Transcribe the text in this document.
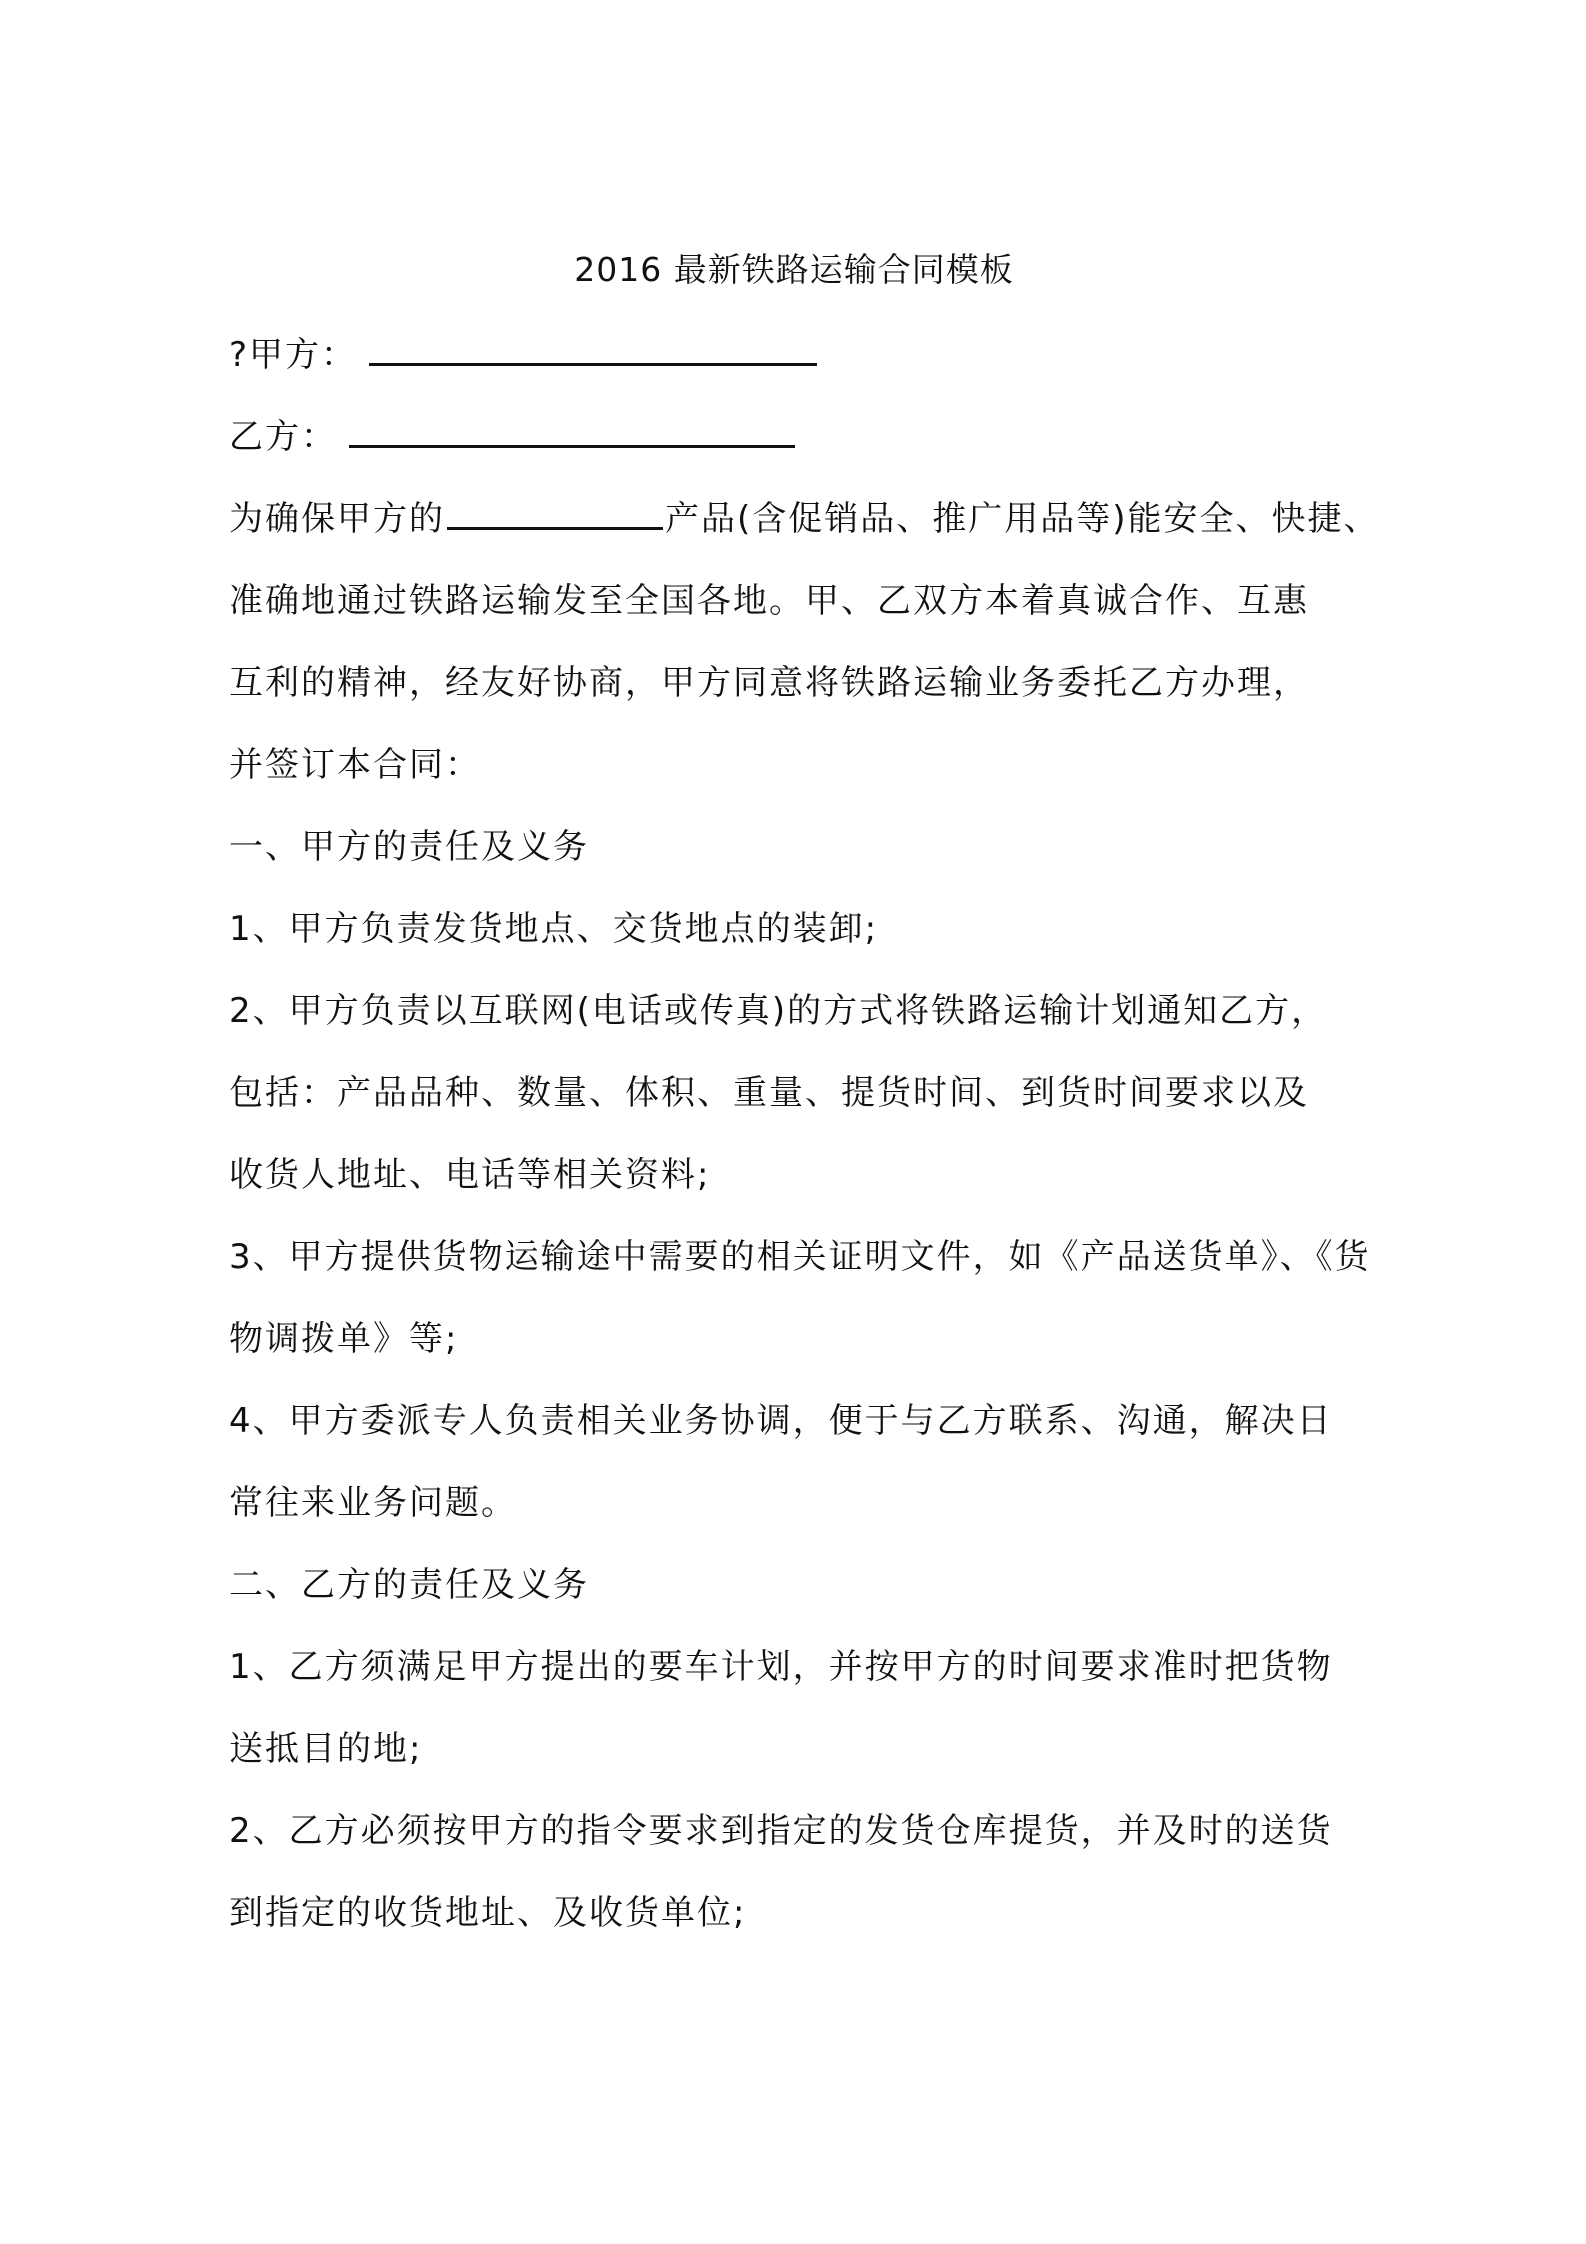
2016 最新铁路运输合同模板
?甲方：
乙方：
为确保甲方的	产品(含促销品、推广用品等)能安全、快捷、
准确地通过铁路运输发至全国各地。甲、乙双方本着真诚合作、互惠
互利的精神，经友好协商，甲方同意将铁路运输业务委托乙方办理，
并签订本合同：
一、甲方的责任及义务
1、甲方负责发货地点、交货地点的装卸;
2、甲方负责以互联网(电话或传真)的方式将铁路运输计划通知乙方，
包括：产品品种、数量、体积、重量、提货时间、到货时间要求以及
收货人地址、电话等相关资料;
3、甲方提供货物运输途中需要的相关证明文件，如《产品送货单》、《货
物调拨单》等;
4、甲方委派专人负责相关业务协调，便于与乙方联系、沟通，解决日
常往来业务问题。
二、乙方的责任及义务
1、乙方须满足甲方提出的要车计划，并按甲方的时间要求准时把货物
送抵目的地;
2、乙方必须按甲方的指令要求到指定的发货仓库提货，并及时的送货
到指定的收货地址、及收货单位;
